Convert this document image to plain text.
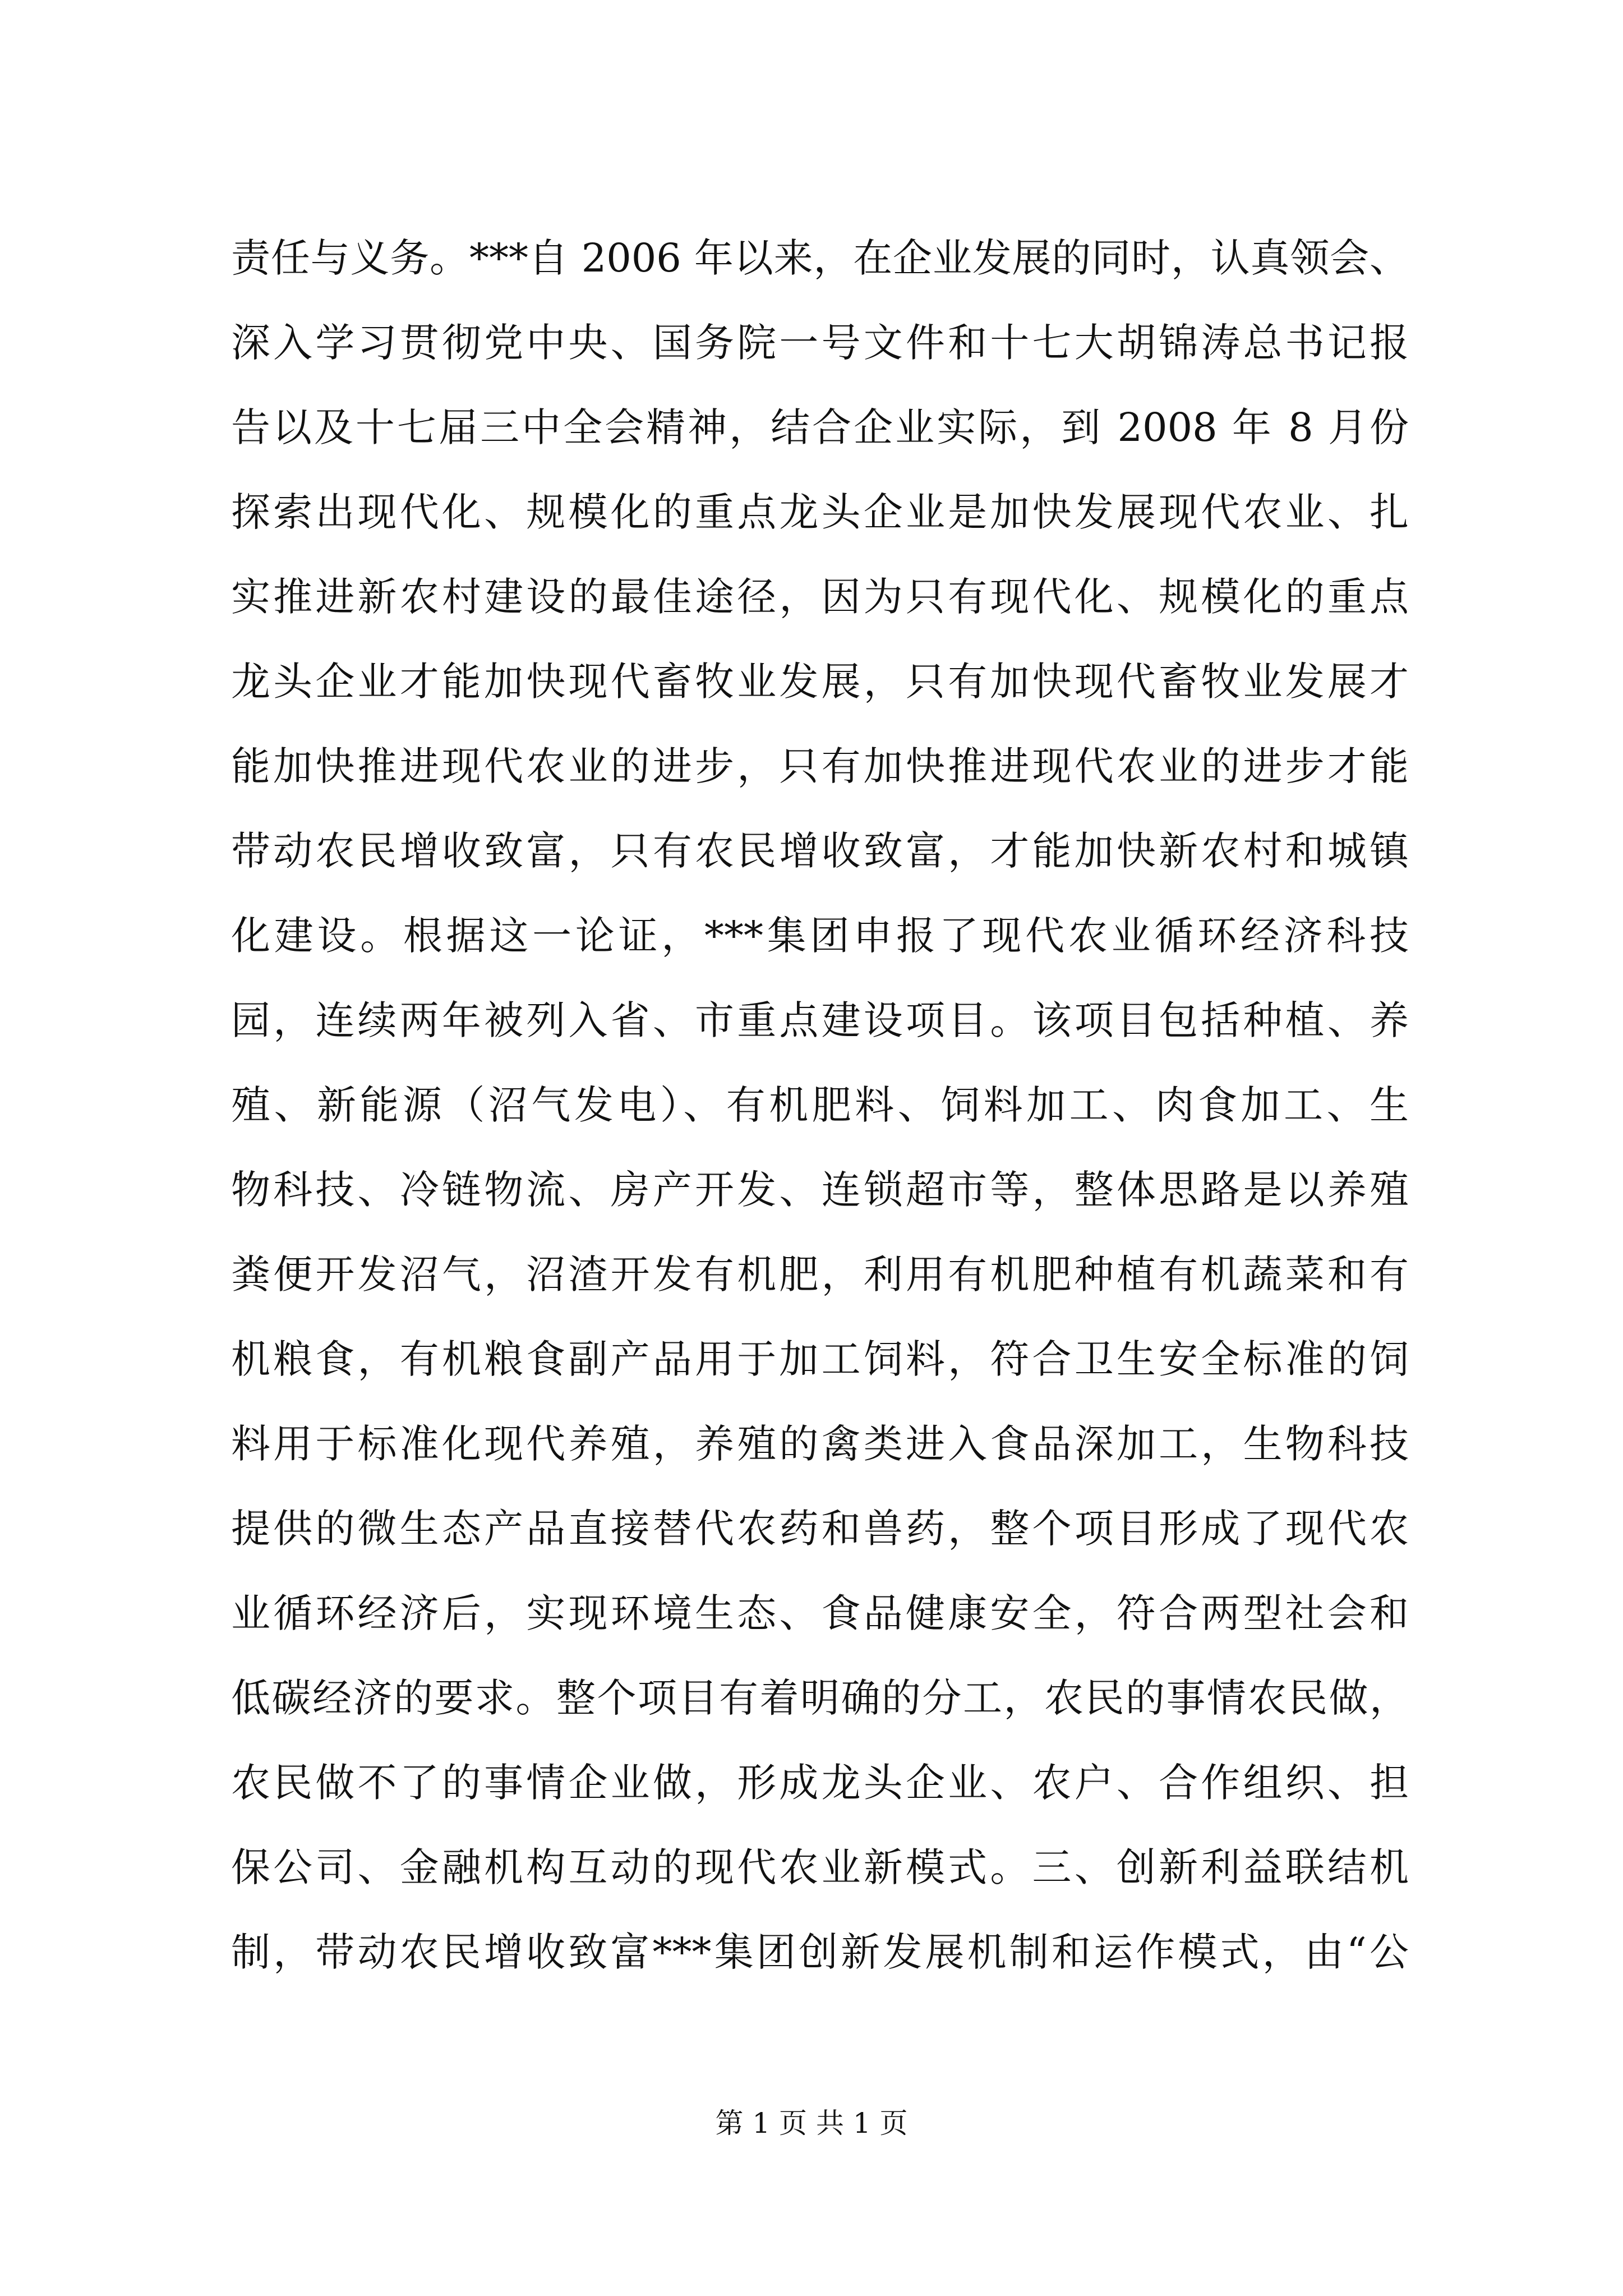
责任与义务。***自 2006 年以来，在企业发展的同时，认真领会、
深入学习贯彻党中央、国务院一号文件和十七大胡锦涛总书记报
告以及十七届三中全会精神，结合企业实际，到 2008 年 8 月份
探索出现代化、规模化的重点龙头企业是加快发展现代农业、扎
实推进新农村建设的最佳途径，因为只有现代化、规模化的重点
龙头企业才能加快现代畜牧业发展，只有加快现代畜牧业发展才
能加快推进现代农业的进步，只有加快推进现代农业的进步才能
带动农民增收致富，只有农民增收致富，才能加快新农村和城镇
化建设。根据这一论证，***集团申报了现代农业循环经济科技
园，连续两年被列入省、市重点建设项目。该项目包括种植、养
殖、新能源（沼气发电）、有机肥料、饲料加工、肉食加工、生
物科技、冷链物流、房产开发、连锁超市等，整体思路是以养殖
粪便开发沼气，沼渣开发有机肥，利用有机肥种植有机蔬菜和有
机粮食，有机粮食副产品用于加工饲料，符合卫生安全标准的饲
料用于标准化现代养殖，养殖的禽类进入食品深加工，生物科技
提供的微生态产品直接替代农药和兽药，整个项目形成了现代农
业循环经济后，实现环境生态、食品健康安全，符合两型社会和
低碳经济的要求。整个项目有着明确的分工，农民的事情农民做，
农民做不了的事情企业做，形成龙头企业、农户、合作组织、担
保公司、金融机构互动的现代农业新模式。三、创新利益联结机
制，带动农民增收致富***集团创新发展机制和运作模式，由“公
第 1 页 共 1 页
